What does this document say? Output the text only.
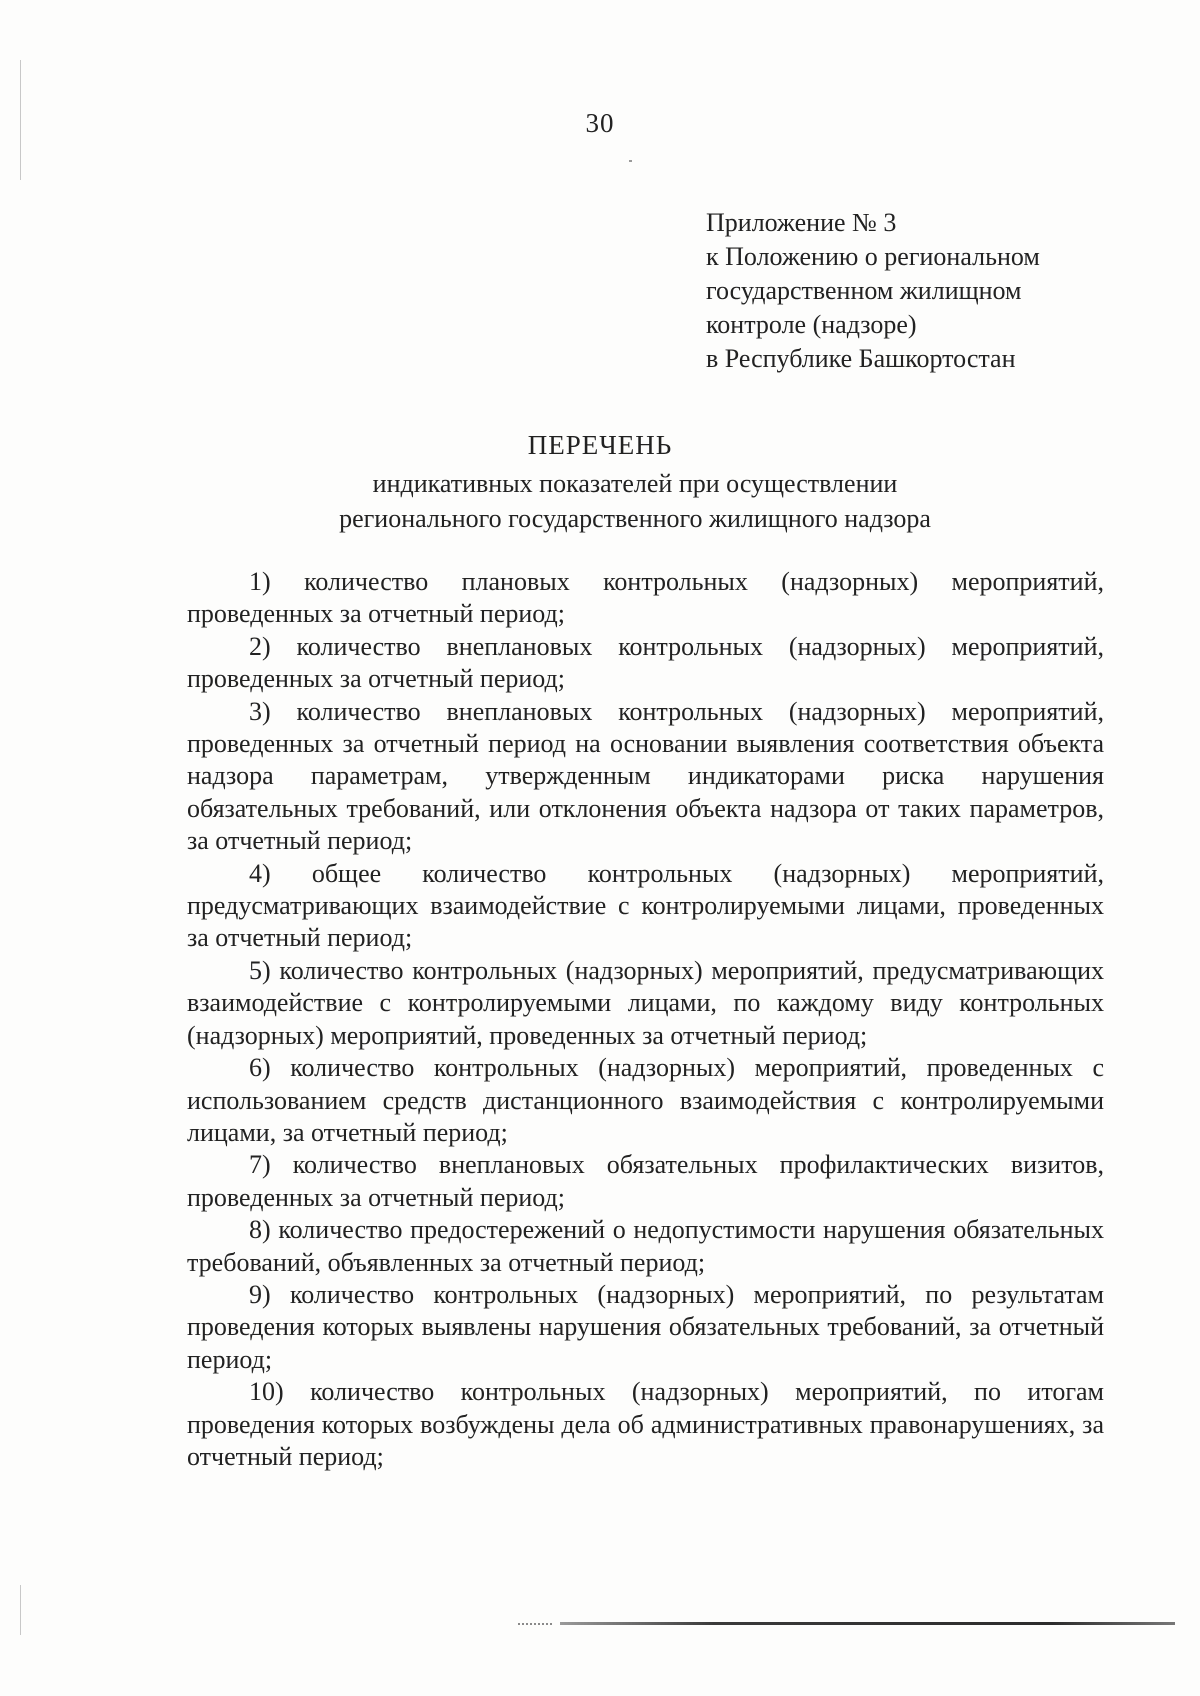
30
Приложение № 3
к Положению о региональном
государственном жилищном
контроле (надзоре)
в Республике Башкортостан
ПЕРЕЧЕНЬ
индикативных показателей при осуществлении
регионального государственного жилищного надзора

1) количество плановых контрольных (надзорных) мероприятий, проведенных за отчетный период;

2) количество внеплановых контрольных (надзорных) мероприятий, проведенных за отчетный период;

3) количество внеплановых контрольных (надзорных) мероприятий, проведенных за отчетный период на основании выявления соответствия объекта надзора параметрам, утвержденным индикаторами риска нарушения обязательных требований, или отклонения объекта надзора от таких параметров, за отчетный период;

4) общее количество контрольных (надзорных) мероприятий, предусматривающих взаимодействие с контролируемыми лицами, проведенных за отчетный период;

5) количество контрольных (надзорных) мероприятий, предусматривающих взаимодействие с контролируемыми лицами, по каждому виду контрольных (надзорных) мероприятий, проведенных за отчетный период;

6) количество контрольных (надзорных) мероприятий, проведенных с использованием средств дистанционного взаимодействия с контролируемыми лицами, за отчетный период;

7) количество внеплановых обязательных профилактических визитов, проведенных за отчетный период;

8) количество предостережений о недопустимости нарушения обязательных требований, объявленных за отчетный период;

9) количество контрольных (надзорных) мероприятий, по результатам проведения которых выявлены нарушения обязательных требований, за отчетный период;

10) количество контрольных (надзорных) мероприятий, по итогам проведения которых возбуждены дела об административных правонарушениях, за отчетный период;
